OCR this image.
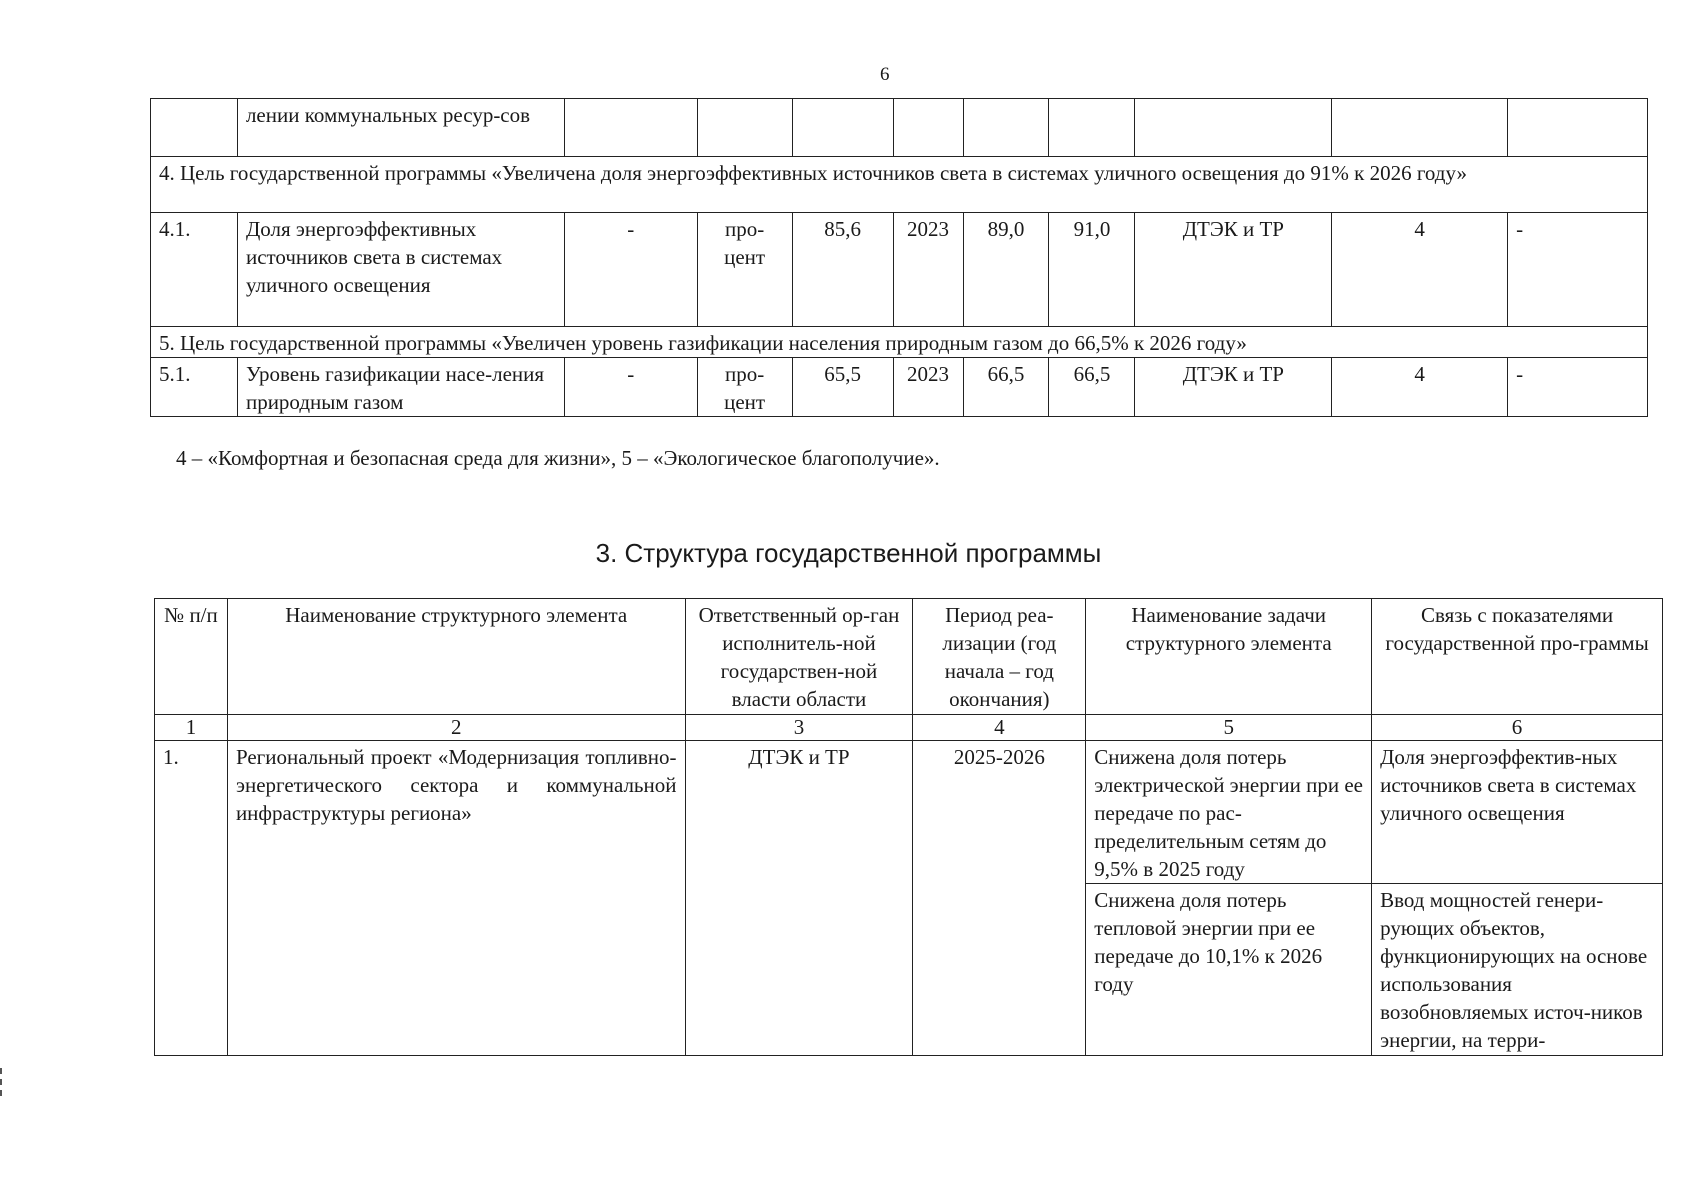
6
	лении коммунальных ресур-сов									
4. Цель государственной программы «Увеличена доля энергоэффективных источников света в системах уличного освещения до 91% к 2026 году»										
4.1.	Доля энергоэффективных источников света в системах уличного освещения	-	про-цент	85,6	2023	89,0	91,0	ДТЭК и ТР	4	-
5. Цель государственной программы «Увеличен уровень газификации населения природным газом до 66,5% к 2026 году»										
5.1.	Уровень газификации насе-ления природным газом	-	про-цент	65,5	2023	66,5	66,5	ДТЭК и ТР	4	-
4 – «Комфортная и безопасная среда для жизни», 5 – «Экологическое благополучие».
3. Структура государственной программы
№ п/п	Наименование структурного элемента	Ответственный ор-ган исполнитель-ной государствен-ной власти области	Период реа-лизации (год начала – год окончания)	Наименование задачи структурного элемента	Связь с показателями государственной про-граммы
1	2	3	4	5	6
1.	Региональный проект «Модернизация топливно-энергетического сектора и коммунальной инфраструктуры региона»	ДТЭК и ТР	2025-2026	Снижена доля потерь электрической энергии при ее передаче по рас-пределительным сетям до 9,5% в 2025 году	Доля энергоэффектив-ных источников света в системах уличного освещения
				Снижена доля потерь тепловой энергии при ее передаче до 10,1% к 2026 году	Ввод мощностей генери-рующих объектов, функционирующих на основе использования возобновляемых источ-ников энергии, на терри-
